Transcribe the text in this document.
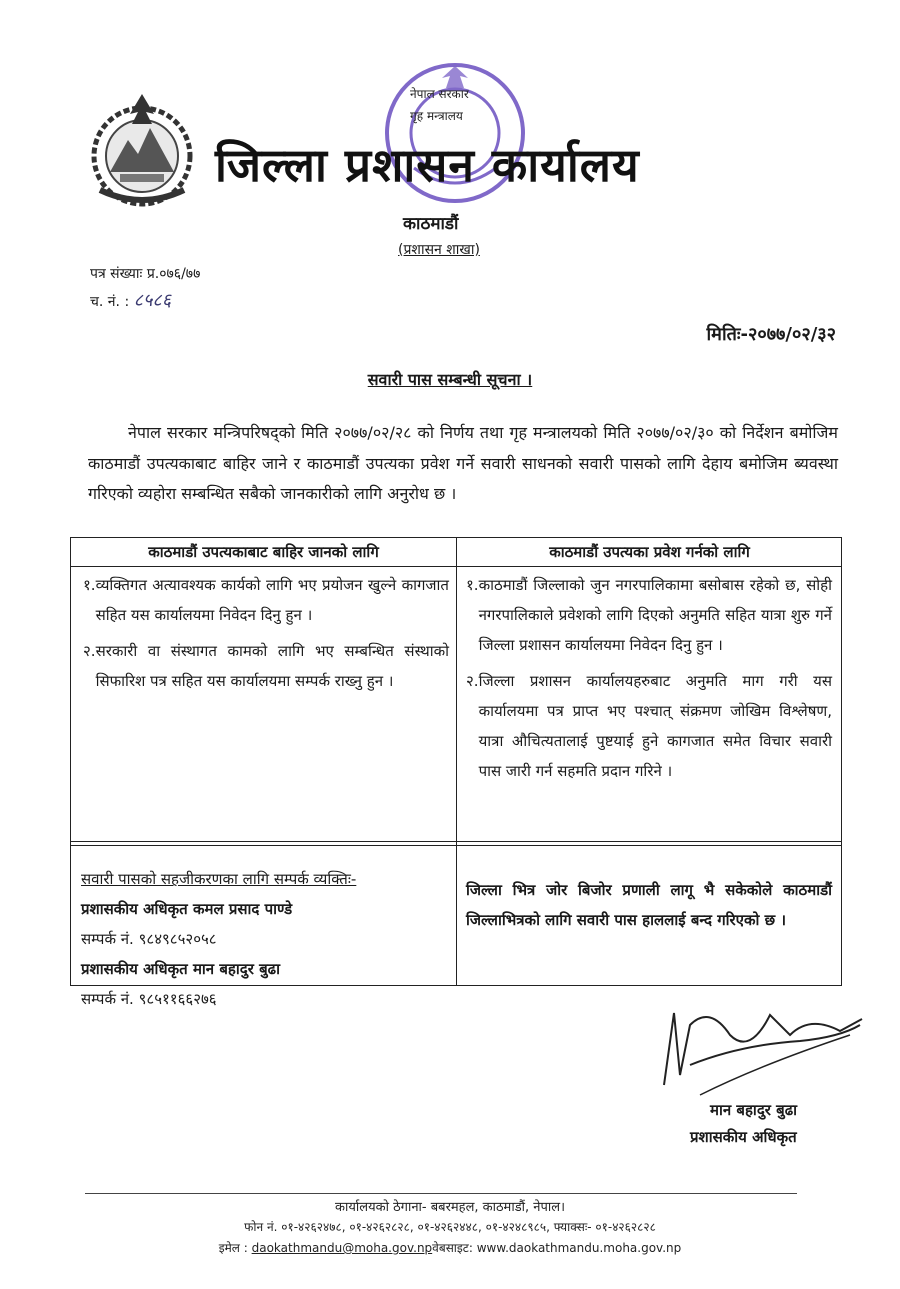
नेपाल सरकार
गृह मन्त्रालय
जिल्ला प्रशासन कार्यालय
काठमाडौं
(प्रशासन शाखा)
पत्र संख्याः प्र.०७६/७७
च. नं. : ८५८६
मितिः-२०७७/०२/३२
सवारी पास सम्बन्धी सूचना ।
नेपाल सरकार मन्त्रिपरिषद्को मिति २०७७/०२/२८ को निर्णय तथा गृह मन्त्रालयको मिति २०७७/०२/३० को निर्देशन बमोजिम काठमाडौं उपत्यकाबाट बाहिर जाने र काठमाडौं उपत्यका प्रवेश गर्ने सवारी साधनको सवारी पासको लागि देहाय बमोजिम ब्यवस्था गरिएको व्यहोरा सम्बन्धित सबैको जानकारीको लागि अनुरोध छ ।
काठमाडौं उपत्यकाबाट बाहिर जानको लागि	काठमाडौं उपत्यका प्रवेश गर्नको लागि
१. व्यक्तिगत अत्यावश्यक कार्यको लागि भए प्रयोजन खुल्ने कागजात सहित यस कार्यालयमा निवेदन दिनु हुन ।
२. सरकारी वा संस्थागत कामको लागि भए सम्बन्धित संस्थाको सिफारिश पत्र सहित यस कार्यालयमा सम्पर्क राख्नु हुन ।
१. काठमाडौं जिल्लाको जुन नगरपालिकामा बसोबास रहेको छ, सोही नगरपालिकाले प्रवेशको लागि दिएको अनुमति सहित यात्रा शुरु गर्ने जिल्ला प्रशासन कार्यालयमा निवेदन दिनु हुन ।
२. जिल्ला प्रशासन कार्यालयहरुबाट अनुमति माग गरी यस कार्यालयमा पत्र प्राप्त भए पश्चात् संक्रमण जोखिम विश्लेषण, यात्रा औचित्यतालाई पुष्टयाई हुने कागजात समेत विचार सवारी पास जारी गर्न सहमति प्रदान गरिने ।
सवारी पासको सहजीकरणका लागि सम्पर्क व्यक्तिः-
प्रशासकीय अधिकृत कमल प्रसाद पाण्डे
सम्पर्क नं. ९८४९८५२०५८
प्रशासकीय अधिकृत मान बहादुर बुढा
सम्पर्क नं. ९८५११६६२७६
जिल्ला भित्र जोर बिजोर प्रणाली लागू भै सकेकोले काठमाडौं जिल्लाभित्रको लागि सवारी पास हाललाई बन्द गरिएको छ ।
मान बहादुर बुढा
प्रशासकीय अधिकृत
कार्यालयको ठेगाना- बबरमहल, काठमाडौं, नेपाल।
फोन नं. ०१-४२६२४७८, ०१-४२६२८२८, ०१-४२६२४४८, ०१-४२४८९८५, फ्याक्सः- ०१-४२६२८२८
इमेल : daokathmandu@moha.gov.npवेबसाइट: www.daokathmandu.moha.gov.np
